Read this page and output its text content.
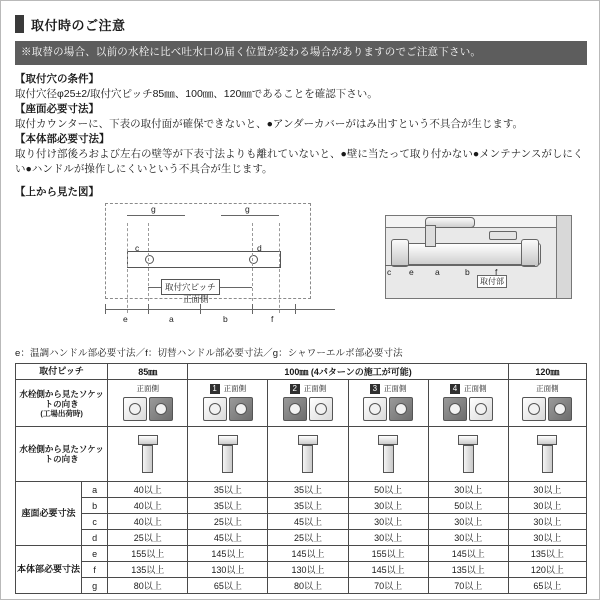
取付時のご注意
※取替の場合、以前の水栓に比べ吐水口の届く位置が変わる場合がありますのでご注意下さい。
【取付穴の条件】
取付穴径φ25±2/取付穴ピッチ85㎜、100㎜、120㎜であることを確認下さい。
【座面必要寸法】
取付カウンターに、下表の取付面が確保できないと、●アンダーカバーがはみ出すという不具合が生じます。
【本体部必要寸法】
取り付け部後ろおよび左右の壁等が下表寸法よりも離れていないと、●壁に当たって取り付かない●メンテナンスがしにくい●ハンドルが操作しにくいという不具合が生じます。
【上から見た図】
g	g
c	d
取付穴ピッチ
e	a	b	f
正面側
取付部
c e	a	b	f
e：温調ハンドル部必要寸法／f：切替ハンドル部必要寸法／g：シャワーエルボ部必要寸法
取付ピッチ		85㎜	100㎜ (4パターンの施工が可能)				120㎜
水栓側から見たソケットの向き
(工場出荷時)		正面側	1 正面側	2 正面側	3 正面側	4 正面側	正面側

水栓側から見たソケットの向き		

座面必要寸法	a	40以上	35以上	35以上	50以上	30以上	30以上
	b	40以上	35以上	35以上	30以上	50以上	30以上
	c	40以上	25以上	45以上	30以上	30以上	30以上
	d	25以上	45以上	25以上	30以上	30以上	30以上
本体部必要寸法	e	155以上	145以上	145以上	155以上	145以上	135以上
	f	135以上	130以上	130以上	145以上	135以上	120以上
	g	80以上	65以上	80以上	70以上	70以上	65以上
